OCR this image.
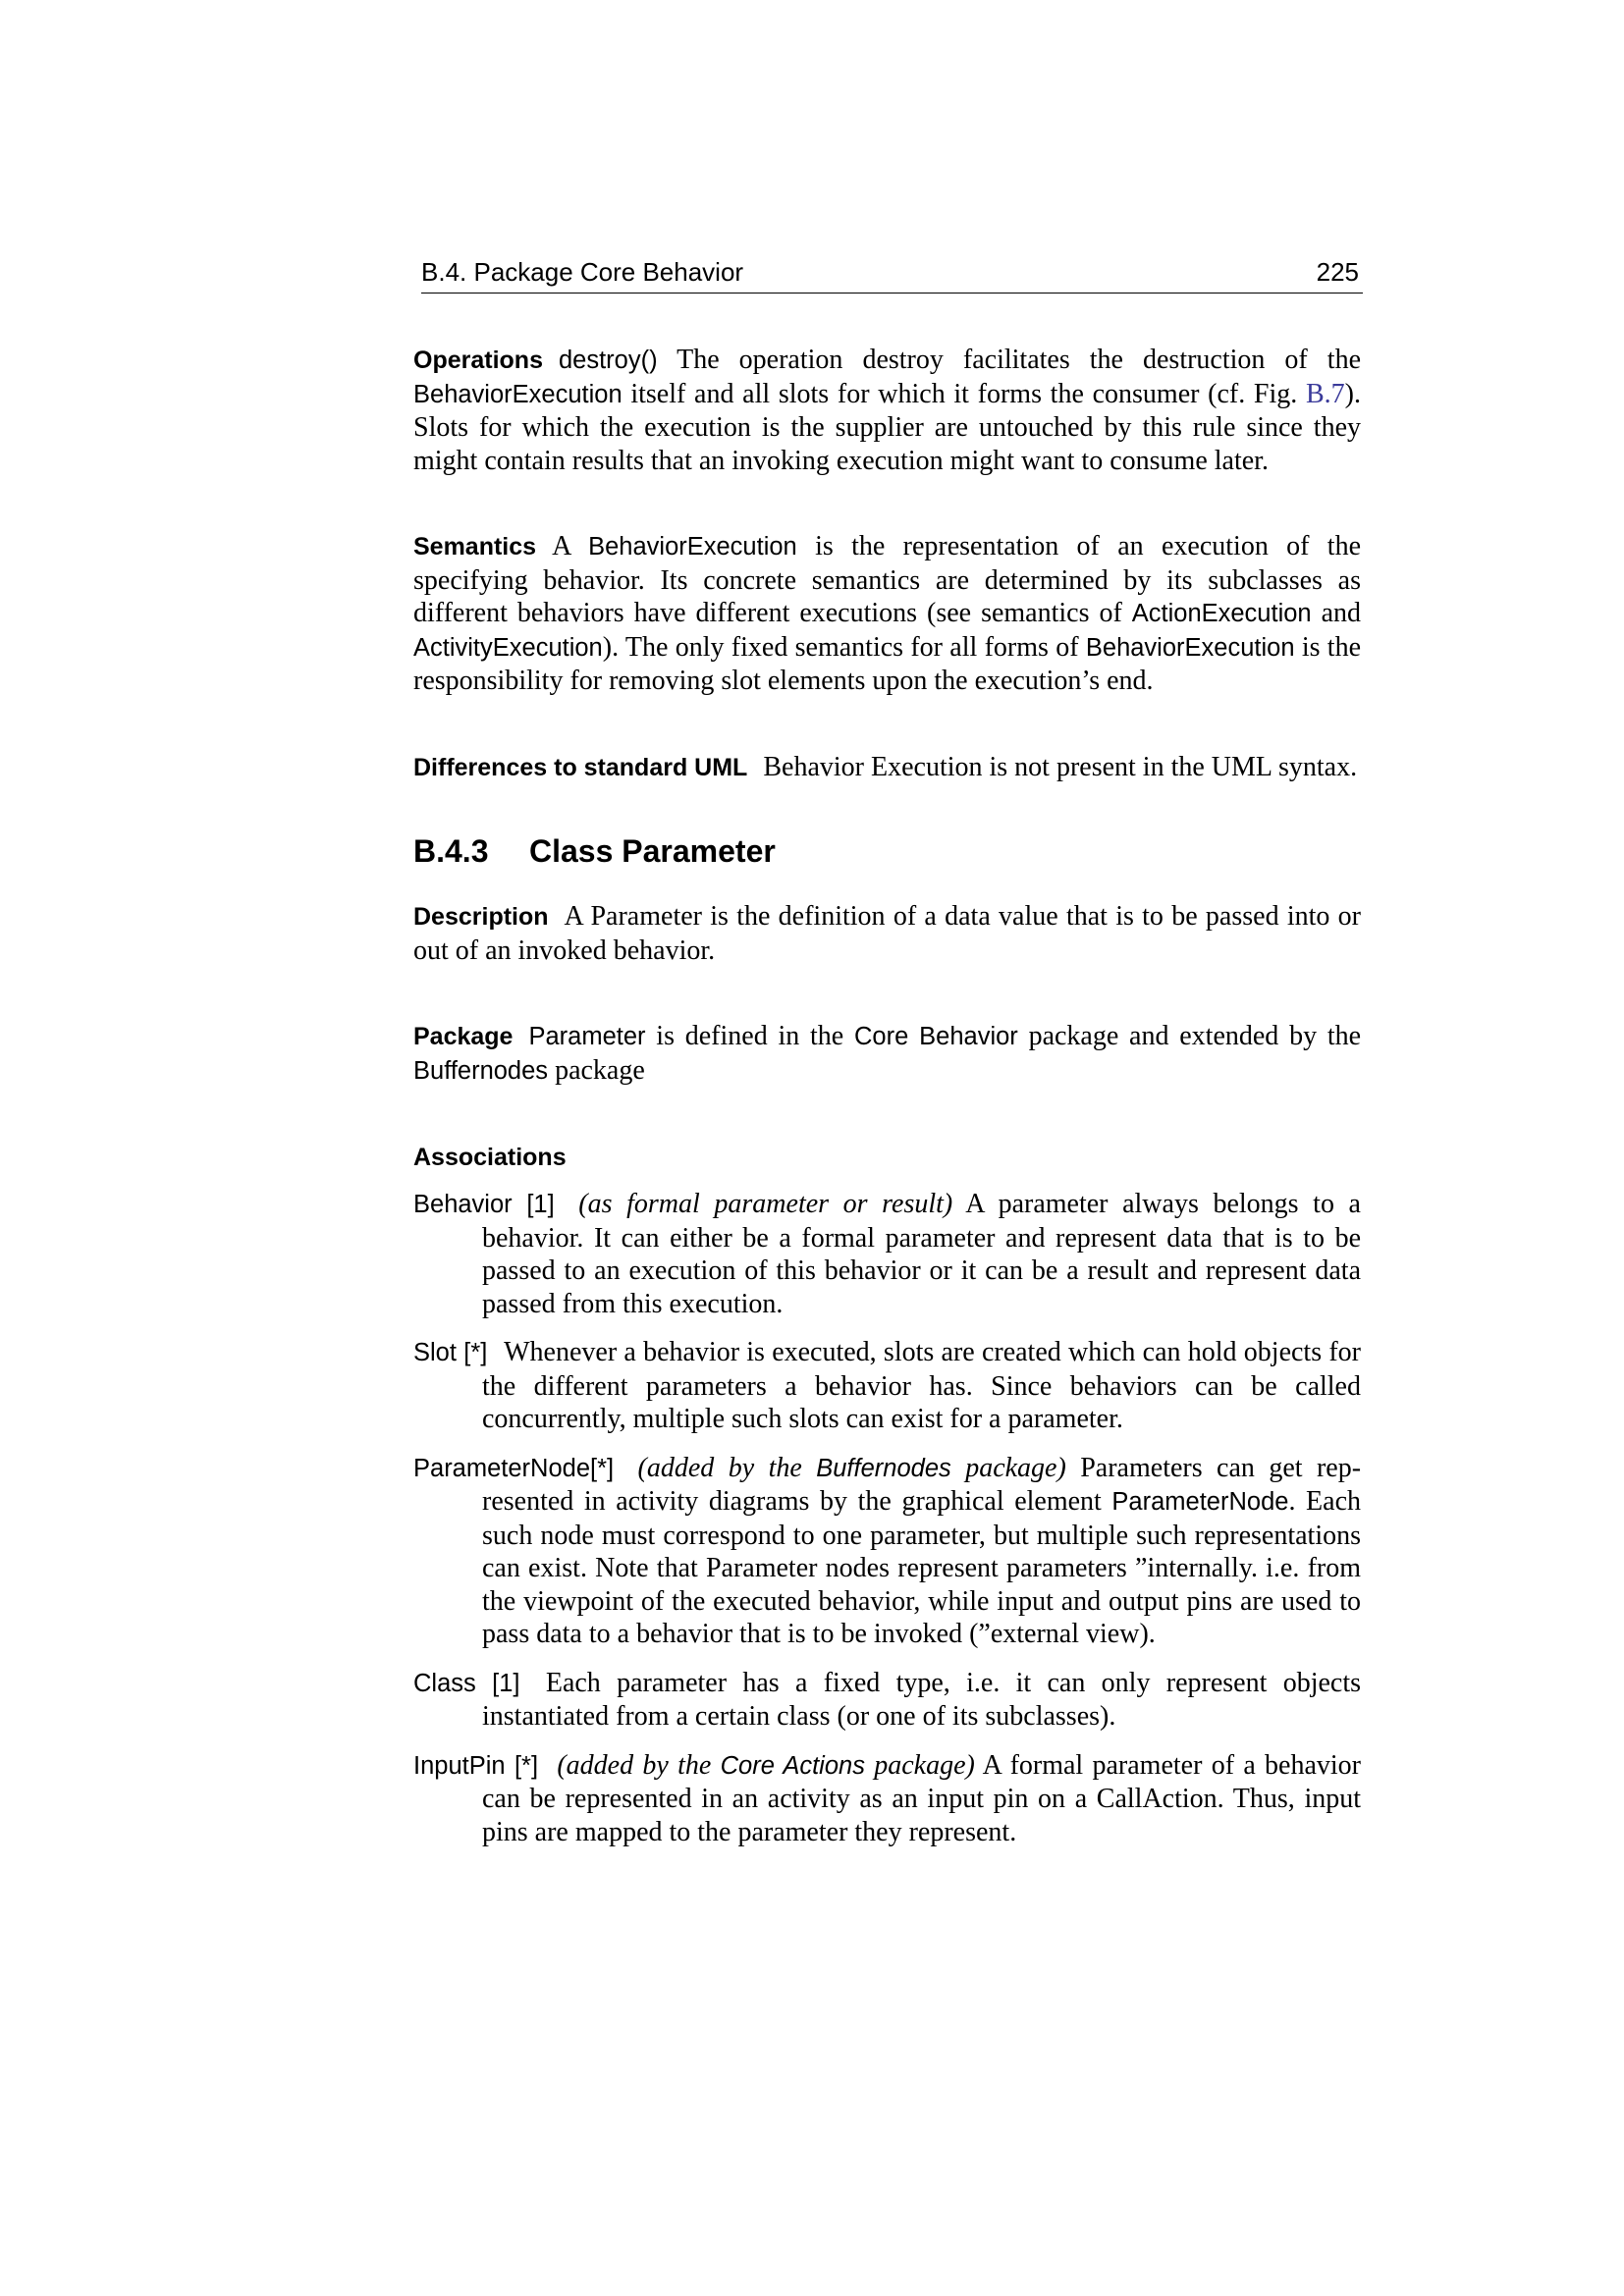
B.4. Package Core Behavior	225

Operations destroy() The operation destroy facilitates the destruction of the BehaviorExecution itself and all slots for which it forms the consumer (cf. Fig. B.7). Slots for which the execution is the supplier are untouched by this rule since they might contain results that an invoking execution might want to consume later.

Semantics A BehaviorExecution is the representation of an execution of the specifying behavior. Its concrete semantics are determined by its subclasses as different behaviors have different executions (see semantics of ActionExecution and ActivityExecution). The only fixed semantics for all forms of BehaviorExecution is the responsibility for removing slot elements upon the execution’s end.

Differences to standard UML Behavior Execution is not present in the UML syntax.

B.4.3 Class Parameter

Description A Parameter is the definition of a data value that is to be passed into or out of an invoked behavior.

Package Parameter is defined in the Core Behavior package and extended by the Buffernodes package

Associations

Behavior [1] (as formal parameter or result) A parameter always belongs to a behavior. It can either be a formal parameter and represent data that is to be passed to an execution of this behavior or it can be a result and represent data passed from this execution.

Slot [*] Whenever a behavior is executed, slots are created which can hold objects for the different parameters a behavior has. Since behaviors can be called concurrently, multiple such slots can exist for a parameter.

ParameterNode[*] (added by the Buffernodes package) Parameters can get represented in activity diagrams by the graphical element ParameterNode. Each such node must correspond to one parameter, but multiple such representations can exist. Note that Parameter nodes represent parameters ”internally. i.e. from the viewpoint of the executed behavior, while input and output pins are used to pass data to a behavior that is to be invoked (”external view).

Class [1] Each parameter has a fixed type, i.e. it can only represent objects instantiated from a certain class (or one of its subclasses).

InputPin [*] (added by the Core Actions package) A formal parameter of a behavior can be represented in an activity as an input pin on a CallAction. Thus, input pins are mapped to the parameter they represent.
